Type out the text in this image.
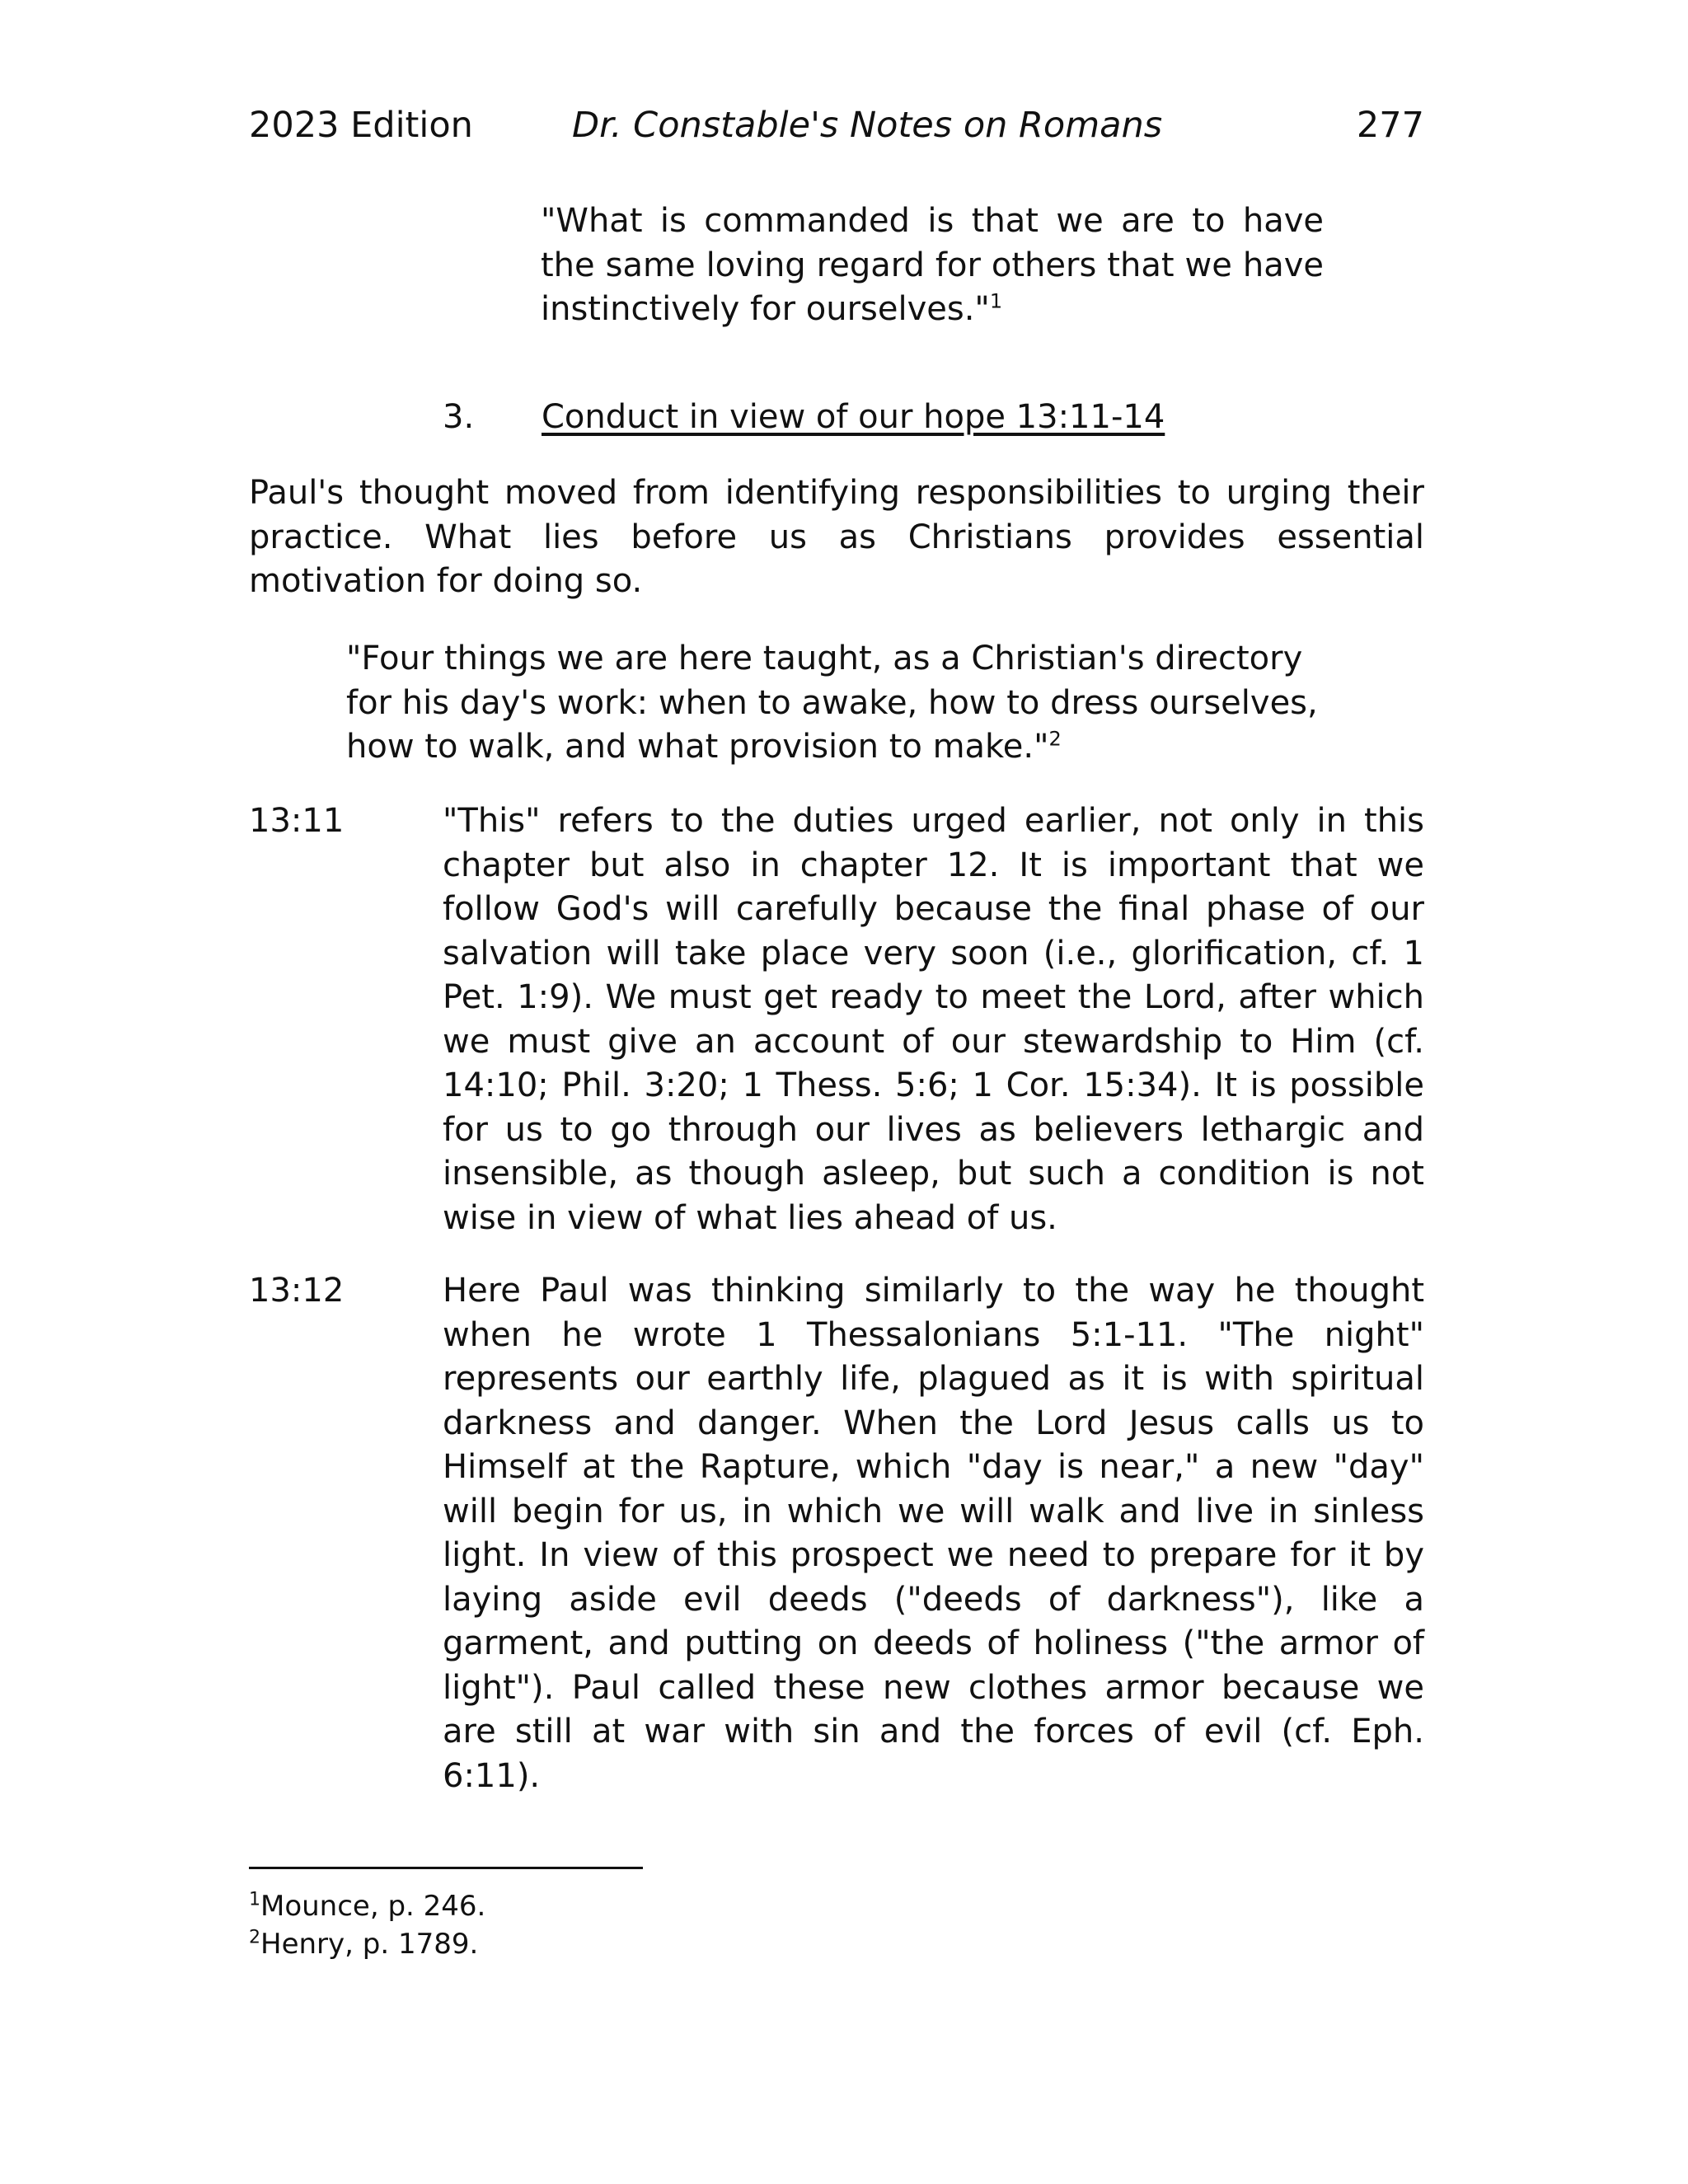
2023 Edition	Dr. Constable's Notes on Romans	277

"What is commanded is that we are to have the same loving regard for others that we have instinctively for ourselves."$^1$

3. Conduct in view of our hope 13:11-14

Paul's thought moved from identifying responsibilities to urging their practice. What lies before us as Christians provides essential motivation for doing so.

"Four things we are here taught, as a Christian's directory for his day's work: when to awake, how to dress ourselves, how to walk, and what provision to make."$^2$

13:11	"This" refers to the duties urged earlier, not only in this chapter but also in chapter 12. It is important that we follow God's will carefully because the final phase of our salvation will take place very soon (i.e., glorification, cf. 1 Pet. 1:9). We must get ready to meet the Lord, after which we must give an account of our stewardship to Him (cf. 14:10; Phil. 3:20; 1 Thess. 5:6; 1 Cor. 15:34). It is possible for us to go through our lives as believers lethargic and insensible, as though asleep, but such a condition is not wise in view of what lies ahead of us.

13:12	Here Paul was thinking similarly to the way he thought when he wrote 1 Thessalonians 5:1-11. "The night" represents our earthly life, plagued as it is with spiritual darkness and danger. When the Lord Jesus calls us to Himself at the Rapture, which "day is near," a new "day" will begin for us, in which we will walk and live in sinless light. In view of this prospect we need to prepare for it by laying aside evil deeds ("deeds of darkness"), like a garment, and putting on deeds of holiness ("the armor of light"). Paul called these new clothes armor because we are still at war with sin and the forces of evil (cf. Eph. 6:11).

$^1$Mounce, p. 246.
$^2$Henry, p. 1789.
